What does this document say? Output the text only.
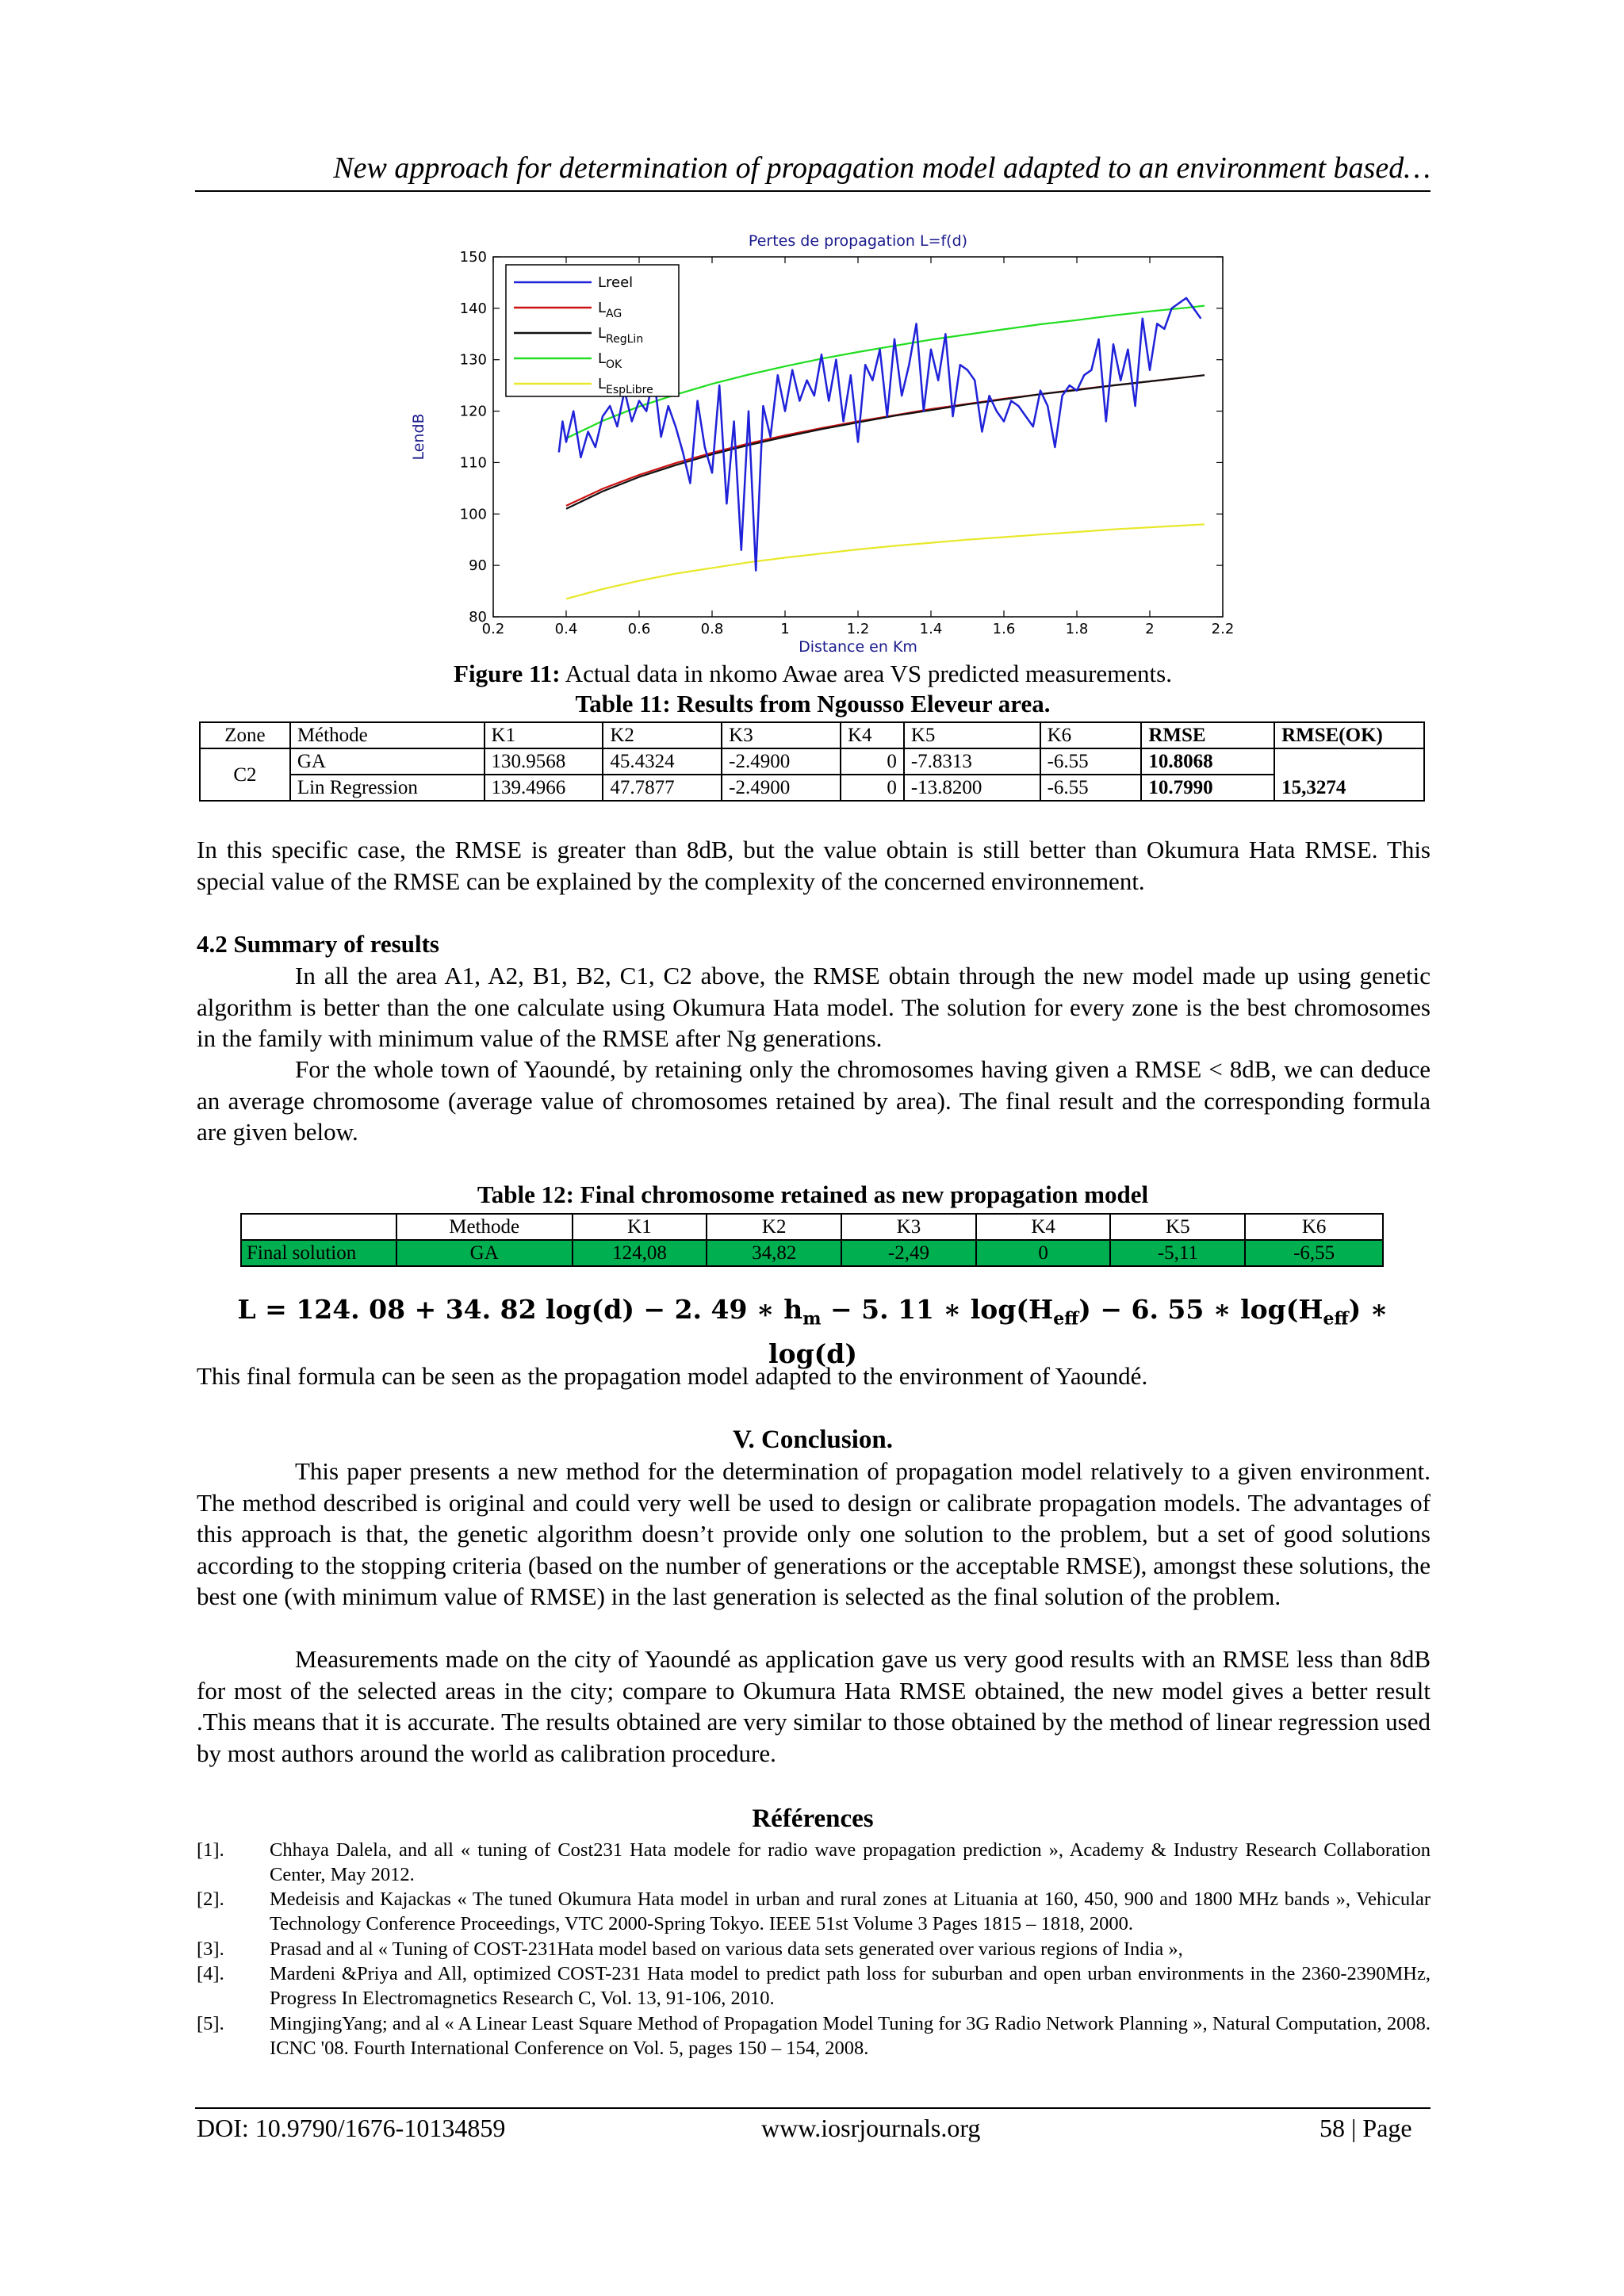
New approach for determination of propagation model adapted to an environment based…
Pertes de propagation L=f(d)
Distance en Km
LendB
0.2	0.4	0.6	0.8	1	1.2	1.4	1.6	1.8	2	2.2
80
90
100
110
120
130
140
150
Lreel
$L_{AG}$
$L_{RegLin}$
$L_{OK}$
$L_{EspLibre}$
Figure 11: Actual data in nkomo Awae area VS predicted measurements.
Table 11: Results from Ngousso Eleveur area.
Zone	Méthode	K1	K2	K3	K4	K5	K6	RMSE	RMSE(OK)
C2	GA	130.9568	45.4324	-2.4900	0	-7.8313	-6.55	10.8068	15,3274
	Lin Regression	139.4966	47.7877	-2.4900	0	-13.8200	-6.55	10.7990	
In this specific case, the RMSE is greater than 8dB, but the value obtain is still better than Okumura Hata RMSE. This special value of the RMSE can be explained by the complexity of the concerned environnement.
4.2 Summary of results
In all the area A1, A2, B1, B2, C1, C2 above, the RMSE obtain through the new model made up using genetic algorithm is better than the one calculate using Okumura Hata model. The solution for every zone is the best chromosomes in the family with minimum value of the RMSE after Ng generations.
For the whole town of Yaoundé, by retaining only the chromosomes having given a RMSE < 8dB, we can deduce an average chromosome (average value of chromosomes retained by area). The final result and the corresponding formula are given below.
Table 12: Final chromosome retained as new propagation model
	Methode	K1	K2	K3	K4	K5	K6
Final solution	GA	124,08	34,82	-2,49	0	-5,11	-6,55
L = 124. 08 + 34. 82 log(d) − 2. 49 ∗ $h_m - 5$. 11 ∗ $\log(H_{eff}) - 6$. 55 ∗ $\log(H_{eff})$ ∗ log(d)
This final formula can be seen as the propagation model adapted to the environment of Yaoundé.
V. Conclusion.
This paper presents a new method for the determination of propagation model relatively to a given environment. The method described is original and could very well be used to design or calibrate propagation models. The advantages of this approach is that, the genetic algorithm doesn’t provide only one solution to the problem, but a set of good solutions according to the stopping criteria (based on the number of generations or the acceptable RMSE), amongst these solutions, the best one (with minimum value of RMSE) in the last generation is selected as the final solution of the problem.
Measurements made on the city of Yaoundé as application gave us very good results with an RMSE less than 8dB for most of the selected areas in the city; compare to Okumura Hata RMSE obtained, the new model gives a better result .This means that it is accurate. The results obtained are very similar to those obtained by the method of linear regression used by most authors around the world as calibration procedure.
Références
[1]. Chhaya Dalela, and all « tuning of Cost231 Hata modele for radio wave propagation prediction », Academy & Industry Research Collaboration Center, May 2012.
[2]. Medeisis and Kajackas « The tuned Okumura Hata model in urban and rural zones at Lituania at 160, 450, 900 and 1800 MHz bands », Vehicular Technology Conference Proceedings, VTC 2000-Spring Tokyo. IEEE 51st Volume 3 Pages 1815 – 1818, 2000.
[3]. Prasad and al « Tuning of COST-231Hata model based on various data sets generated over various regions of India »,
[4]. Mardeni &Priya and All, optimized COST-231 Hata model to predict path loss for suburban and open urban environments in the 2360-2390MHz, Progress In Electromagnetics Research C, Vol. 13, 91-106, 2010.
[5]. MingjingYang; and al « A Linear Least Square Method of Propagation Model Tuning for 3G Radio Network Planning », Natural Computation, 2008. ICNC '08. Fourth International Conference on Vol. 5, pages 150 – 154, 2008.
DOI: 10.9790/1676-10134859	www.iosrjournals.org	58 | Page
